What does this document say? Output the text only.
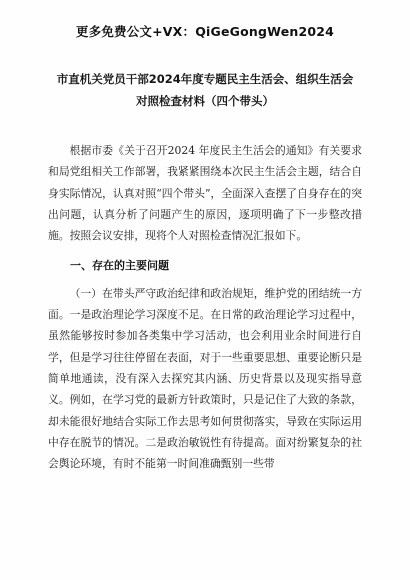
更多免费公文+VX：QiGeGongWen2024
市直机关党员干部2024年度专题民主生活会、组织生活会
对照检查材料（四个带头）

根据市委《关于召开2024 年度民主生活会的通知》有关要求和局党组相关工作部署，我紧紧围绕本次民主生活会主题，结合自身实际情况，认真对照“四个带头”，全面深入查摆了自身存在的突出问题，认真分析了问题产生的原因，逐项明确了下一步整改措施。按照会议安排，现将个人对照检查情况汇报如下。

一、存在的主要问题

（一）在带头严守政治纪律和政治规矩，维护党的团结统一方面。一是政治理论学习深度不足。在日常的政治理论学习过程中，虽然能够按时参加各类集中学习活动，也会利用业余时间进行自学，但是学习往往停留在表面，对于一些重要思想、重要论断只是简单地通读，没有深入去探究其内涵、历史背景以及现实指导意义。例如，在学习党的最新方针政策时，只是记住了大致的条款，却未能很好地结合实际工作去思考如何贯彻落实，导致在实际运用中存在脱节的情况。二是政治敏锐性有待提高。面对纷繁复杂的社会舆论环境，有时不能第一时间准确甄别一些带
